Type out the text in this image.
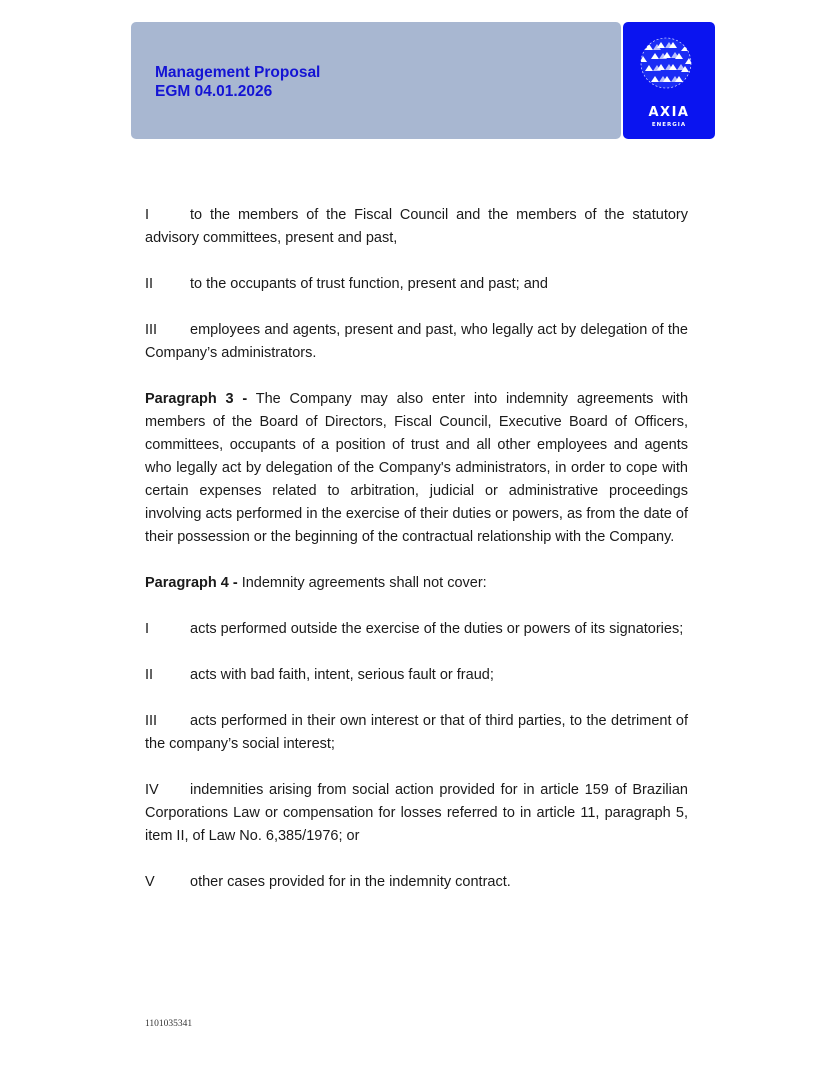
Management Proposal
EGM 04.01.2026
AXIA
ENERGIA

I	to the members of the Fiscal Council and the members of the statutory advisory committees, present and past,

II	to the occupants of trust function, present and past; and

III employees and agents, present and past, who legally act by delegation of the Company’s administrators.

Paragraph 3 - The Company may also enter into indemnity agreements with members of the Board of Directors, Fiscal Council, Executive Board of Officers, committees, occupants of a position of trust and all other employees and agents who legally act by delegation of the Company's administrators, in order to cope with certain expenses related to arbitration, judicial or administrative proceedings involving acts performed in the exercise of their duties or powers, as from the date of their possession or the beginning of the contractual relationship with the Company.

Paragraph 4 - Indemnity agreements shall not cover:

I	acts performed outside the exercise of the duties or powers of its signatories;

II	acts with bad faith, intent, serious fault or fraud;

III acts performed in their own interest or that of third parties, to the detriment of the company’s social interest;

IV indemnities arising from social action provided for in article 159 of Brazilian Corporations Law or compensation for losses referred to in article 11, paragraph 5, item II, of Law No. 6,385/1976; or

V other cases provided for in the indemnity contract.

1101035341
